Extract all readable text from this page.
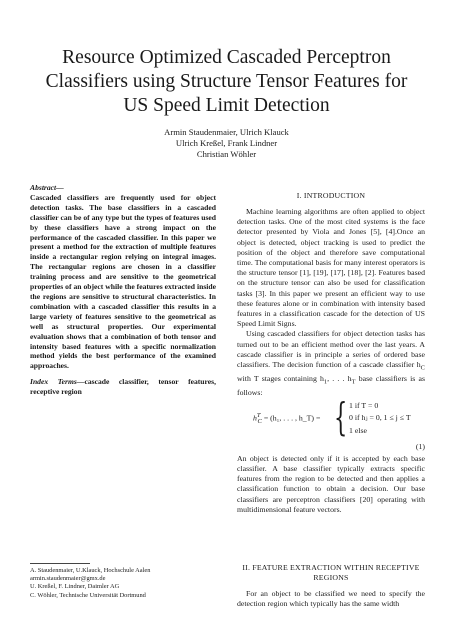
Resource Optimized Cascaded Perceptron
Classifiers using Structure Tensor Features for
US Speed Limit Detection
Armin Staudenmaier, Ulrich Klauck
Ulrich Kreßel, Frank Lindner
Christian Wöhler

Abstract—
Cascaded classifiers are frequently used for object detection tasks. The base classifiers in a cascaded classifier can be of any type but the types of features used by these classifiers have a strong impact on the performance of the cascaded classifier. In this paper we present a method for the extraction of multiple features inside a rectangular region relying on integral images. The rectangular regions are chosen in a classifier training process and are sensitive to the geometrical properties of an object while the features extracted inside the regions are sensitive to structural characteristics. In combination with a cascaded classifier this results in a large variety of features sensitive to the geometrical as well as structural properties. Our experimental evaluation shows that a combination of both tensor and intensity based features with a specific normalization method yields the best performance of the examined approaches.

Index Terms—cascade classifier, tensor features, receptive region

I. INTRODUCTION

Machine learning algorithms are often applied to object detection tasks. One of the most cited systems is the face detector presented by Viola and Jones [5], [4].Once an object is detected, object tracking is used to predict the position of the object and therefore save computational time. The computational basis for many interest operators is the structure tensor [1], [19], [17], [18], [2]. Features based on the structure tensor can also be used for classification tasks [3]. In this paper we present an efficient way to use these features alone or in combination with intensity based features in a classification cascade for the detection of US Speed Limit Signs.

Using cascaded classifiers for object detection tasks has turned out to be an efficient method over the last years. A cascade classifier is in principle a series of ordered base classifiers. The decision function of a cascade classifier $h_C$ with T stages containing $h_1$, . . . $h_T$ base classifiers is as follows:

$h^T_C = (h_1$, . . . , h_T) = { 1 if T = 0
0 if hⱼ = 0, 1 ≤ j ≤ T
1 else
(1)

An object is detected only if it is accepted by each base classifier. A base classifier typically extracts specific features from the region to be detected and then applies a classification function to obtain a decision. Our base classifiers are perceptron classifiers [20] operating with multidimensional feature vectors.

II. FEATURE EXTRACTION WITHIN RECEPTIVE
REGIONS

For an object to be classified we need to specify the detection region which typically has the same width

A. Staudenmaier, U.Klauck, Hochschule Aalen
armin.staudenmaier@gmx.de
U. Kreßel, F. Lindner, Daimler AG
C. Wöhler, Technische Universität Dortmund
